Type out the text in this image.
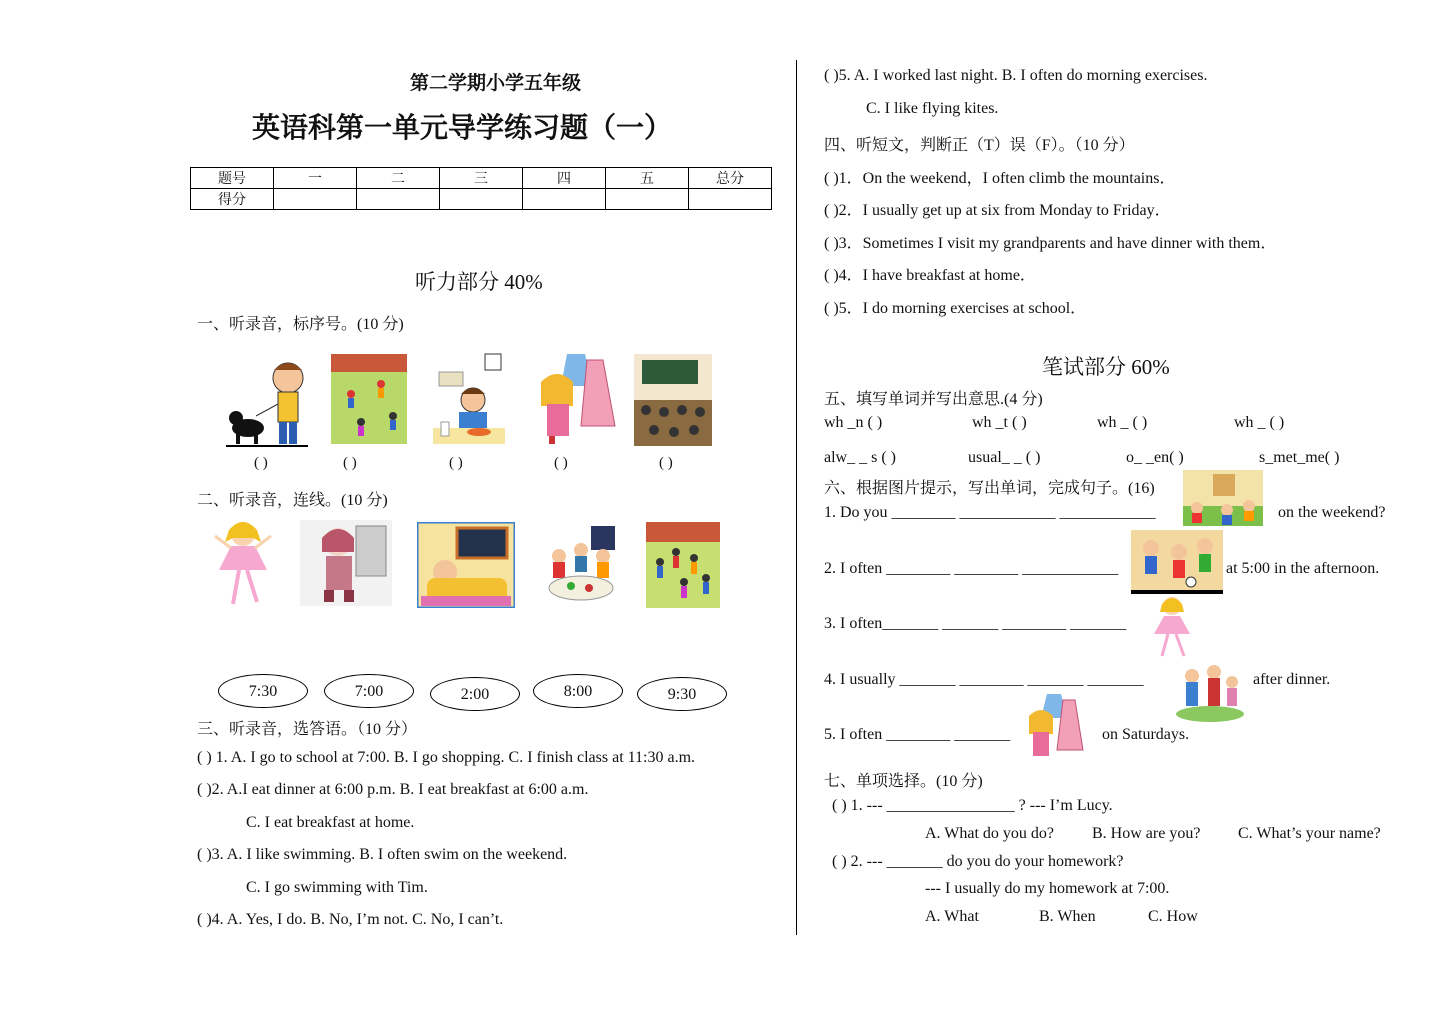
第二学期小学五年级
英语科第一单元导学练习题（一）
题号	一	二	三	四	五	总分
得分						
听力部分 40%
一、听录音，标序号。(10 分)
( )	( )	( )	( )	( )
二、听录音，连线。(10 分)
7:30	7:00	2:00	8:00	9:30
三、听录音，选答语。（10 分）
( ) 1. A. I go to school at 7:00. B. I go shopping. C. I finish class at 11:30 a.m.
( )2. A.I eat dinner at 6:00 p.m. B. I eat breakfast at 6:00 a.m.
C. I eat breakfast at home.
( )3. A. I like swimming. B. I often swim on the weekend.
C. I go swimming with Tim.
( )4. A. Yes, I do. B. No, I’m not. C. No, I can’t.
( )5. A. I worked last night. B. I often do morning exercises.
C. I like flying kites.
四、听短文，判断正（T）误（F）。（10 分）
( )1．On the weekend，I often climb the mountains．
( )2．I usually get up at six from Monday to Friday．
( )3．Sometimes I visit my grandparents and have dinner with them．
( )4．I have breakfast at home．
( )5．I do morning exercises at school．
笔试部分 60%
五、填写单词并写出意思.(4 分)
wh _n ( )	wh _t ( )	wh _ ( )	wh _ ( )
alw_ _ s ( )	usual_ _ ( )	o_ _en( )	s_met_me( )
六、根据图片提示，写出单词，完成句子。(16)
1. Do you ________ ____________ ____________	on the weekend?
2. I often ________ ________ ____________	at 5:00 in the afternoon.
3. I often_______ _______ ________ _______
4. I usually _______ ________ _______ _______	after dinner.
5. I often ________ _______	on Saturdays.
七、单项选择。(10 分)
( ) 1. --- ________________ ? --- I’m Lucy.
A. What do you do? B. How are you? C. What’s your name?
( ) 2. --- _______ do you do your homework?
--- I usually do my homework at 7:00.
A. What	B. When	C. How
